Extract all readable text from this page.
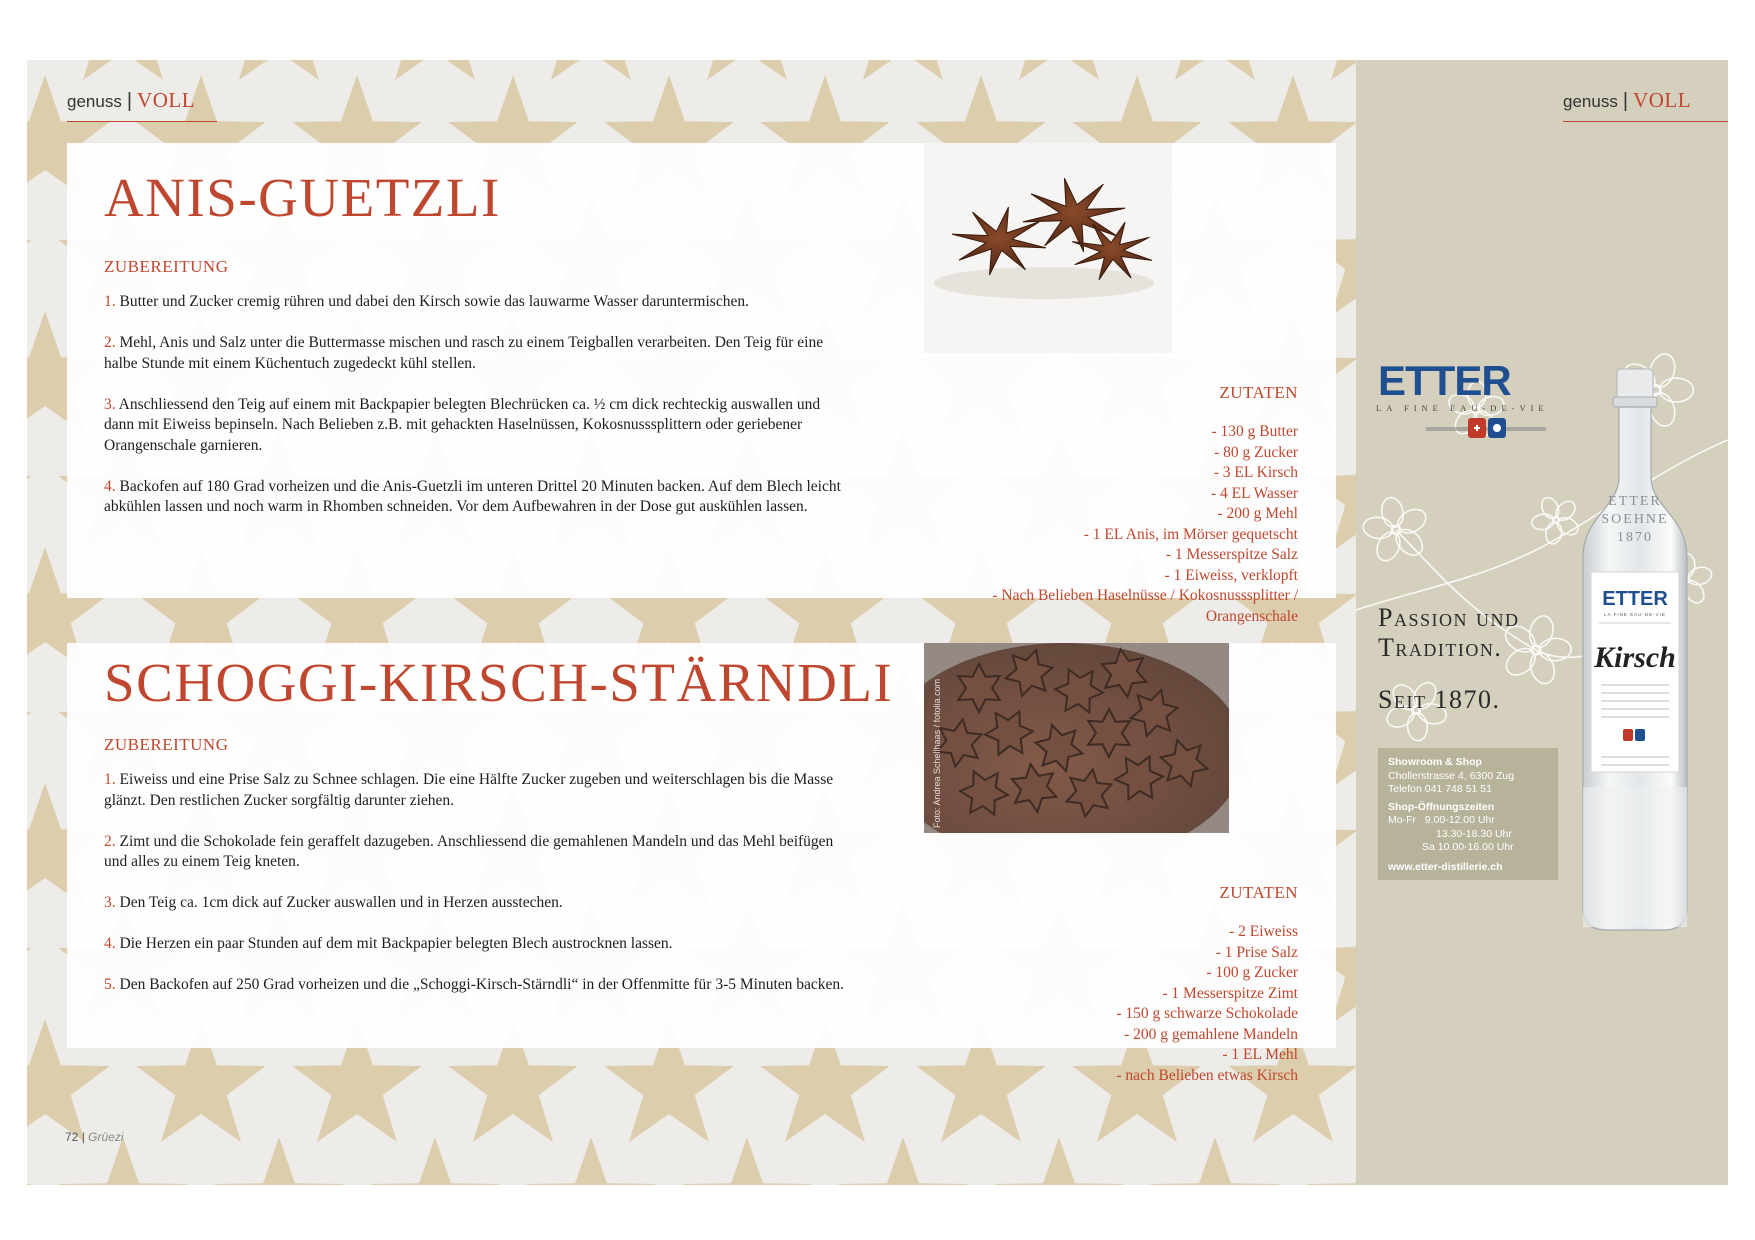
genuss | VOLL
ANIS-GUETZLI
ZUBEREITUNG

1. Butter und Zucker cremig rühren und dabei den Kirsch sowie das lauwarme Wasser daruntermischen.

2. Mehl, Anis und Salz unter die Buttermasse mischen und rasch zu einem Teigballen verarbeiten. Den Teig für eine halbe Stunde mit einem Küchentuch zugedeckt kühl stellen.

3. Anschliessend den Teig auf einem mit Backpapier belegten Blechrücken ca. ½ cm dick rechteckig auswallen und dann mit Eiweiss bepinseln. Nach Belieben z.B. mit gehackten Haselnüssen, Kokosnusssplittern oder geriebener Orangenschale garnieren.

4. Backofen auf 180 Grad vorheizen und die Anis-Guetzli im unteren Drittel 20 Minuten backen. Auf dem Blech leicht abkühlen lassen und noch warm in Rhomben schneiden. Vor dem Aufbewahren in der Dose gut auskühlen lassen.

ZUTATEN
- 130 g Butter
- 80 g Zucker
- 3 EL Kirsch
- 4 EL Wasser
- 200 g Mehl
- 1 EL Anis, im Mörser gequetscht
- 1 Messerspitze Salz
- 1 Eiweiss, verklopft
- Nach Belieben Haselnüsse / Kokosnusssplitter /
Orangenschale
SCHOGGI-KIRSCH-STÄRNDLI
ZUBEREITUNG

1. Eiweiss und eine Prise Salz zu Schnee schlagen. Die eine Hälfte Zucker zugeben und weiterschlagen bis die Masse glänzt. Den restlichen Zucker sorgfältig darunter ziehen.

2. Zimt und die Schokolade fein geraffelt dazugeben. Anschliessend die gemahlenen Mandeln und das Mehl beifügen und alles zu einem Teig kneten.

3. Den Teig ca. 1cm dick auf Zucker auswallen und in Herzen ausstechen.

4. Die Herzen ein paar Stunden auf dem mit Backpapier belegten Blech austrocknen lassen.

5. Den Backofen auf 250 Grad vorheizen und die „Schoggi-Kirsch-Stärndli“ in der Offenmitte für 3-5 Minuten backen.

Foto: Andrea Schellhaas / fotolia.com
ZUTATEN
- 2 Eiweiss
- 1 Prise Salz
- 100 g Zucker
- 1 Messerspitze Zimt
- 150 g schwarze Schokolade
- 200 g gemahlene Mandeln
- 1 EL Mehl
- nach Belieben etwas Kirsch
72 | Grüezi
genuss | VOLL
ETTER
LA FINE EAU-DE-VIE
Passion und
Tradition.
Seit 1870.
Showroom & Shop
Chollerstrasse 4, 6300 Zug
Telefon 041 748 51 51
Shop-Öffnungszeiten
Mo-Fr 9.00-12.00 Uhr
13.30-18.30 Uhr
Sa 10.00-16.00 Uhr
www.etter-distillerie.ch
ETTER
SOEHNE
1870
ETTER
LA FINE EAU-DE-VIE
Kirsch
